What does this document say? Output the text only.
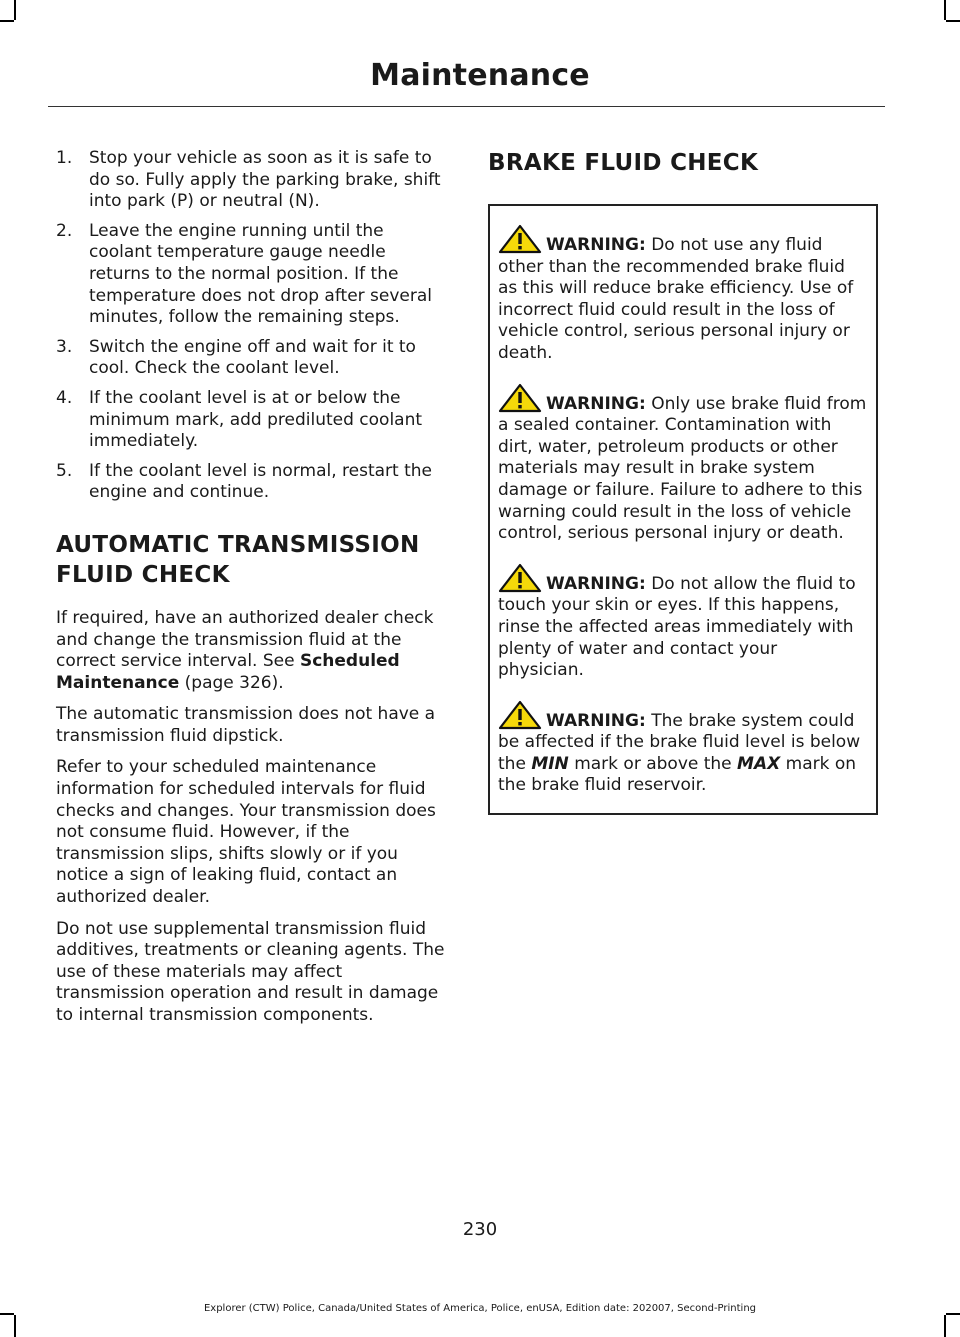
Maintenance
1. Stop your vehicle as soon as it is safe to do so. Fully apply the parking brake, shift into park (P) or neutral (N).
2. Leave the engine running until the coolant temperature gauge needle returns to the normal position. If the temperature does not drop after several minutes, follow the remaining steps.
3. Switch the engine off and wait for it to cool. Check the coolant level.
4. If the coolant level is at or below the minimum mark, add prediluted coolant immediately.
5. If the coolant level is normal, restart the engine and continue.
AUTOMATIC TRANSMISSION
FLUID CHECK

If required, have an authorized dealer check and change the transmission fluid at the correct service interval. See Scheduled Maintenance (page 326).

The automatic transmission does not have a transmission fluid dipstick.

Refer to your scheduled maintenance information for scheduled intervals for fluid checks and changes. Your transmission does not consume fluid. However, if the transmission slips, shifts slowly or if you notice a sign of leaking fluid, contact an authorized dealer.

Do not use supplemental transmission fluid additives, treatments or cleaning agents. The use of these materials may affect transmission operation and result in damage to internal transmission components.

BRAKE FLUID CHECK

WARNING: Do not use any fluid other than the recommended brake fluid as this will reduce brake efficiency. Use of incorrect fluid could result in the loss of vehicle control, serious personal injury or death.

WARNING: Only use brake fluid from a sealed container. Contamination with dirt, water, petroleum products or other materials may result in brake system damage or failure. Failure to adhere to this warning could result in the loss of vehicle control, serious personal injury or death.

WARNING: Do not allow the fluid to touch your skin or eyes. If this happens, rinse the affected areas immediately with plenty of water and contact your physician.

WARNING: The brake system could be affected if the brake fluid level is below the MIN mark or above the MAX mark on the brake fluid reservoir.

230
Explorer (CTW) Police, Canada/United States of America, Police, enUSA, Edition date: 202007, Second-Printing
